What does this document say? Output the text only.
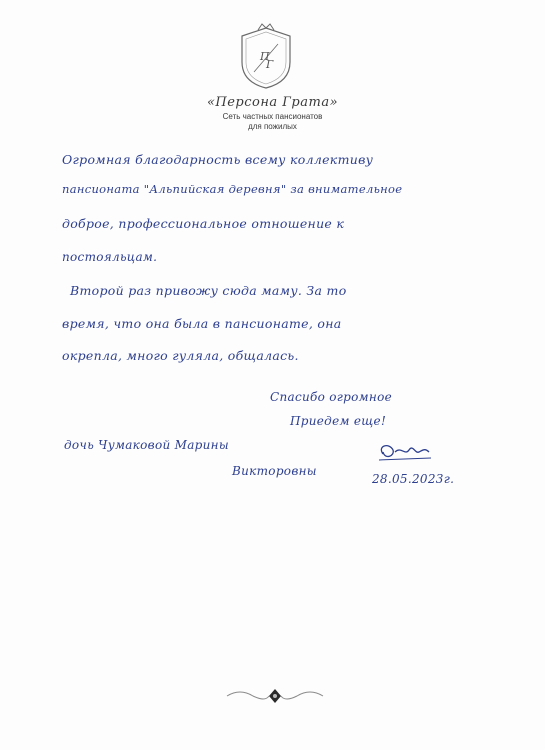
П
Г
«Персона Грата»
Сеть частных пансионатов
для пожилых
Огромная благодарность всему коллективу
пансионата "Альпийская деревня" за внимательное
доброе, профессиональное отношение к
постояльцам.
Второй раз привожу сюда маму. За то
время, что она была в пансионате, она
окрепла, много гуляла, общалась.
Спасибо огромное
Приедем еще!
дочь Чумаковой Марины
Викторовны
28.05.2023г.
